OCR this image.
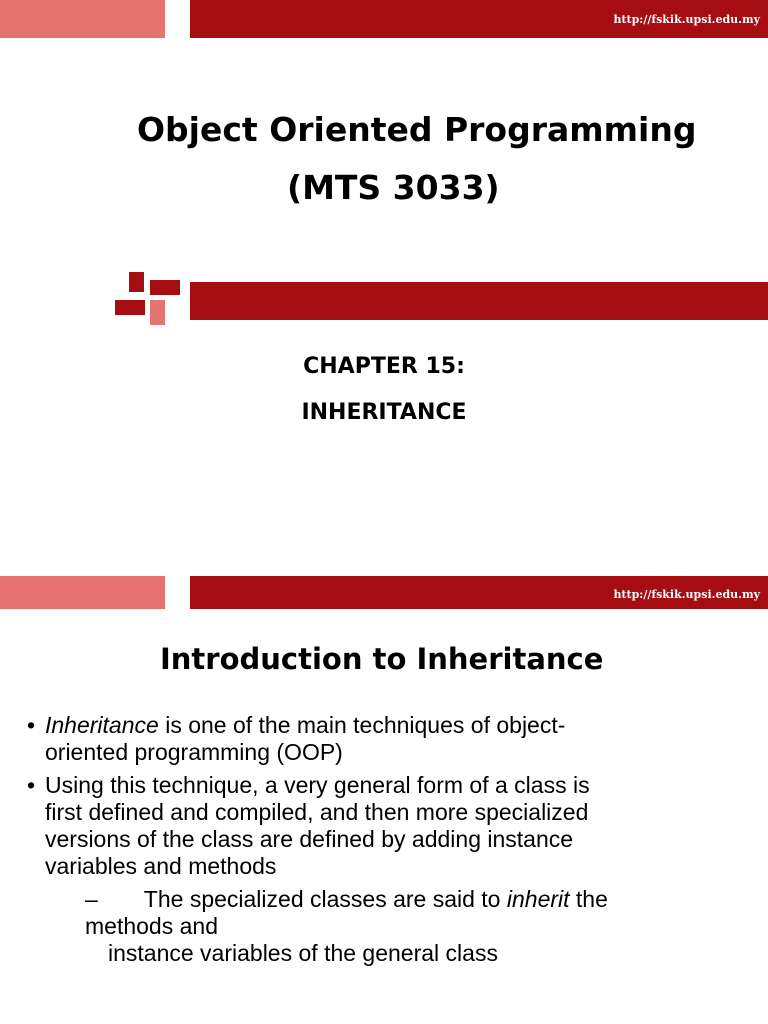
http://fskik.upsi.edu.my
Object Oriented Programming
(MTS 3033)
CHAPTER 15:
INHERITANCE
http://fskik.upsi.edu.my
Introduction to Inheritance
• Inheritance is one of the main techniques of object-
oriented programming (OOP)
• Using this technique, a very general form of a class is
first defined and compiled, and then more specialized
versions of the class are defined by adding instance
variables and methods
– The specialized classes are said to inherit the
methods and
instance variables of the general class
